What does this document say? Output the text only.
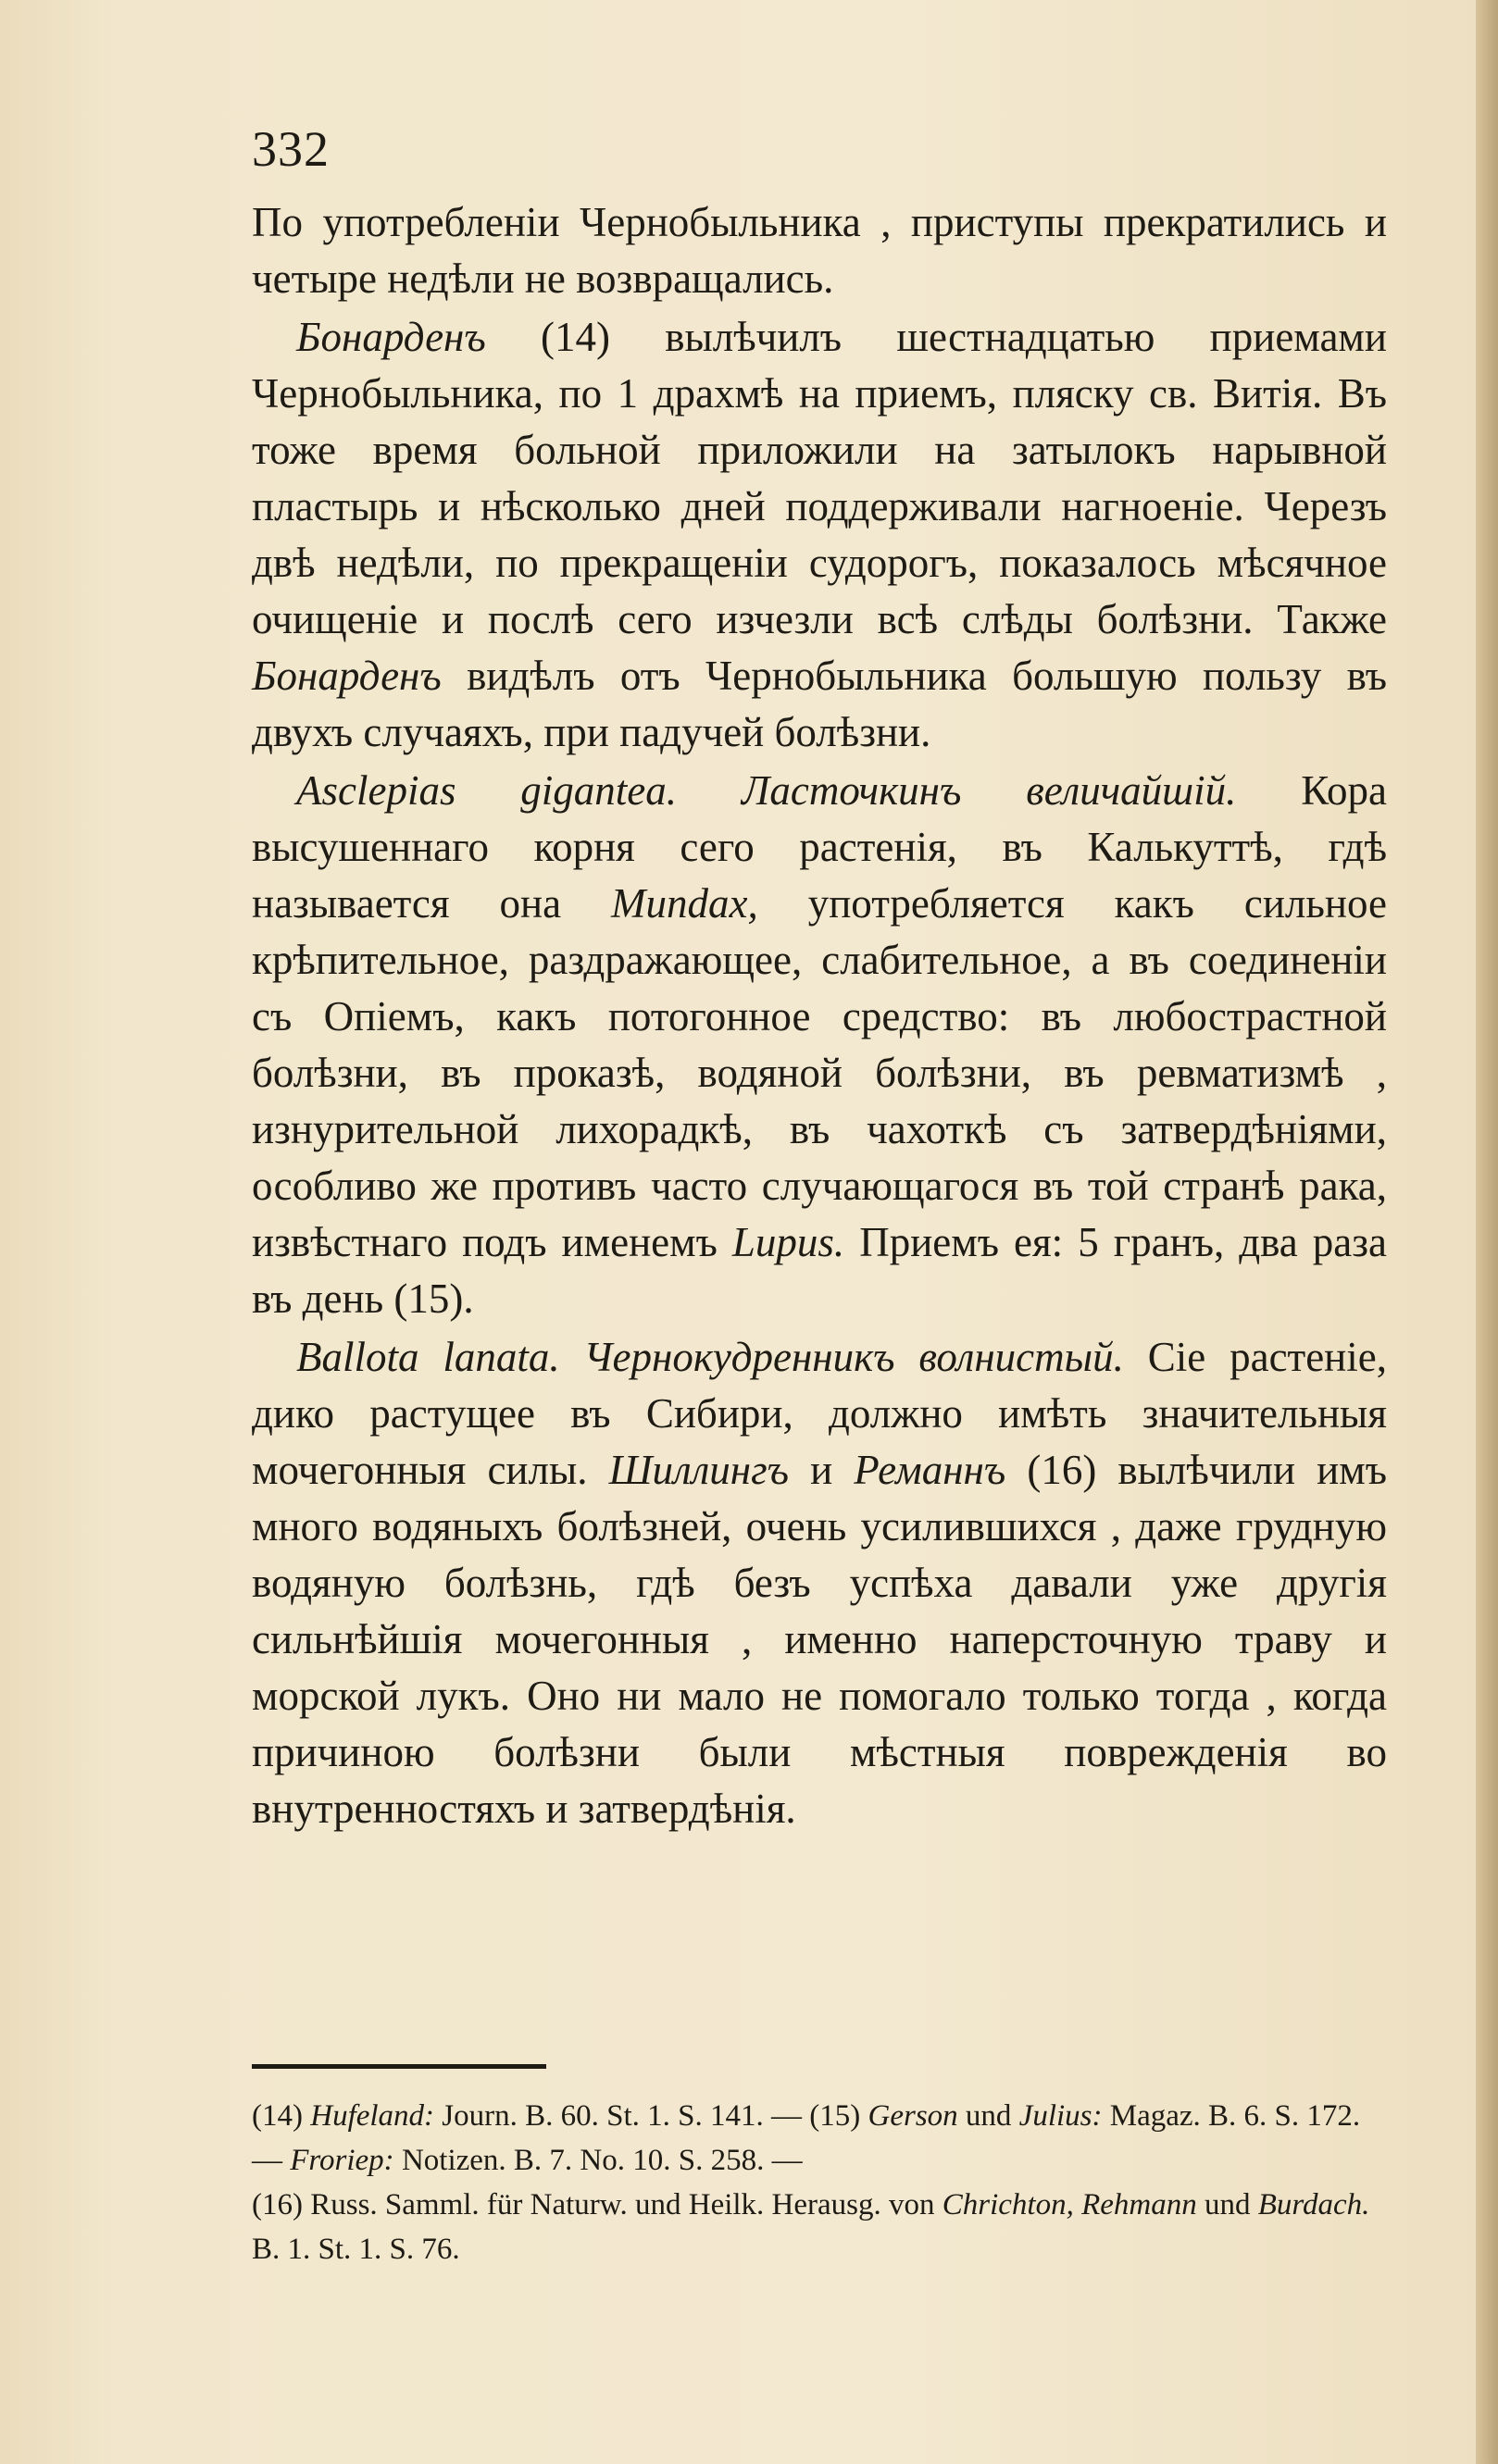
332

По употребленіи Чернобыльника , приступы прекратились и четыре недѣли не возвращались.

Бонарденъ (14) вылѣчилъ шестнадцатью приемами Чернобыльника, по 1 драхмѣ на приемъ, пляску св. Витія. Въ тоже время больной приложили на затылокъ нарывной пластырь и нѣсколько дней поддерживали нагноеніе. Черезъ двѣ недѣли, по прекращеніи судорогъ, показалось мѣсячное очищеніе и послѣ сего изчезли всѣ слѣды болѣзни. Также Бонарденъ видѣлъ отъ Чернобыльника большую пользу въ двухъ случаяхъ, при падучей болѣзни.

Asclepias gigantea. Ласточкинъ величайшій. Кора высушеннаго корня сего растенія, въ Калькуттѣ, гдѣ называется она Mundax, употребляется какъ сильное крѣпительное, раздражающее, слабительное, а въ соединеніи съ Опіемъ, какъ потогонное средство: въ любострастной болѣзни, въ проказѣ, водяной болѣзни, въ ревматизмѣ , изнурительной лихорадкѣ, въ чахоткѣ съ затвердѣніями, особливо же противъ часто случающагося въ той странѣ рака, извѣстнаго подъ именемъ Lupus. Приемъ ея: 5 гранъ, два раза въ день (15).

Ballota lanata. Чернокудренникъ волнистый. Сіе растеніе, дико растущее въ Сибири, должно имѣть значительныя мочегонныя силы. Шиллингъ и Реманнъ (16) вылѣчили имъ много водяныхъ болѣзней, очень усилившихся , даже грудную водяную болѣзнь, гдѣ безъ успѣха давали уже другія сильнѣйшія мочегонныя , именно наперсточную траву и морской лукъ. Оно ни мало не помогало только тогда , когда причиною болѣзни были мѣстныя поврежденія во внутренностяхъ и затвердѣнія.

(14) Hufeland: Journ. B. 60. St. 1. S. 141. — (15) Gerson und Julius: Magaz. B. 6. S. 172. — Froriep: Notizen. B. 7. No. 10. S. 258. —

(16) Russ. Samml. für Naturw. und Heilk. Herausg. von Chrichton, Rehmann und Burdach. B. 1. St. 1. S. 76.
